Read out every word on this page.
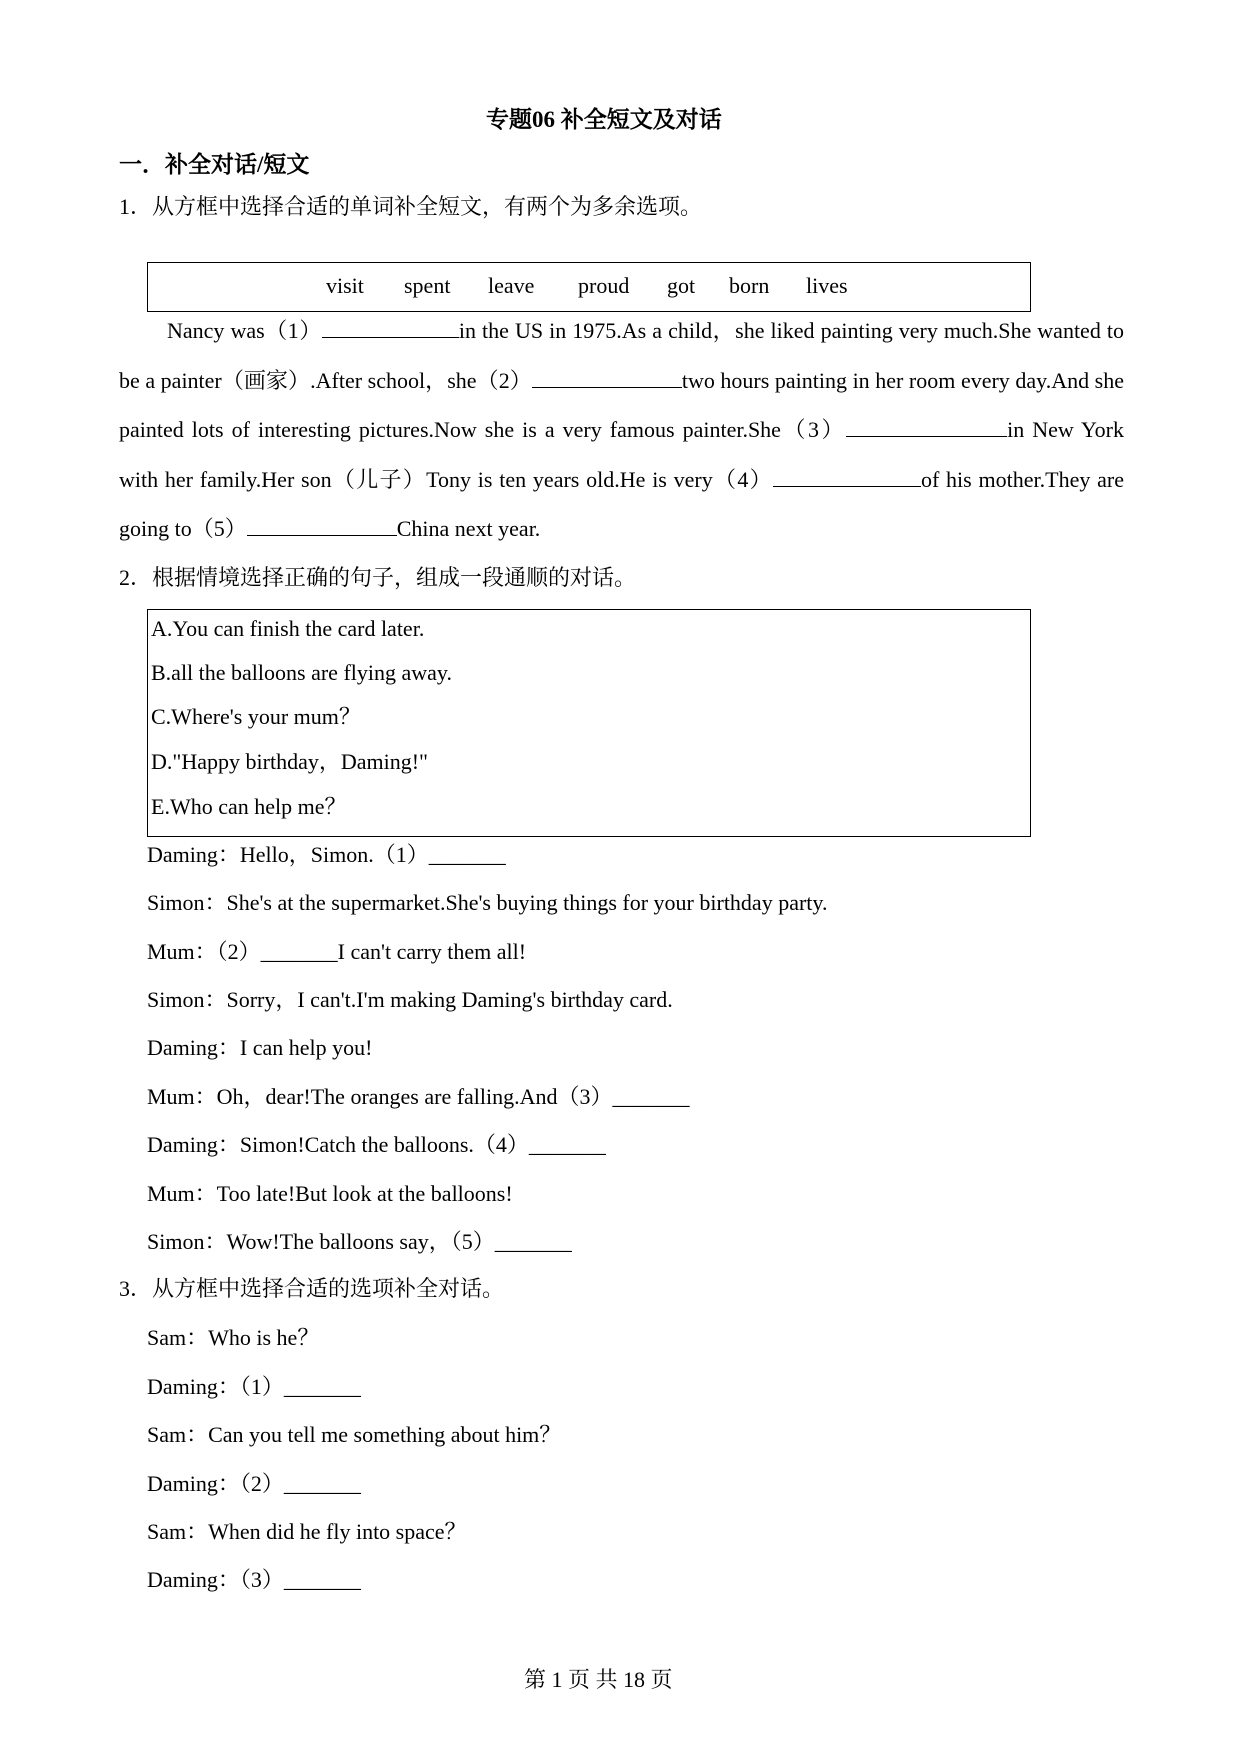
专题06 补全短文及对话
一．补全对话/短文
1．从方框中选择合适的单词补全短文，有两个为多余选项。
visit spent leave proud got born lives
Nancy was（1）	in the US in 1975.As a child，she liked painting very much.She wanted to be a painter（画家）.After school，she（2）	two hours painting in her room every day.And she painted lots of interesting pictures.Now she is a very famous painter.She（3）	in New York with her family.Her son（儿子）Tony is ten years old.He is very（4）	of his mother.They are going to（5）	China next year.
2．根据情境选择正确的句子，组成一段通顺的对话。
A.You can finish the card later.
B.all the balloons are flying away.
C.Where's your mum？
D."Happy birthday，Daming!"
E.Who can help me？
Daming：Hello，Simon.（1）_______
Simon：She's at the supermarket.She's buying things for your birthday party.
Mum：（2）_______I can't carry them all!
Simon：Sorry，I can't.I'm making Daming's birthday card.
Daming：I can help you!
Mum：Oh，dear!The oranges are falling.And（3）_______
Daming：Simon!Catch the balloons.（4）_______
Mum：Too late!But look at the balloons!
Simon：Wow!The balloons say，（5）_______
3．从方框中选择合适的选项补全对话。
Sam：Who is he？
Daming：（1）_______
Sam：Can you tell me something about him？
Daming：（2）_______
Sam：When did he fly into space？
Daming：（3）_______
第 1 页 共 18 页
